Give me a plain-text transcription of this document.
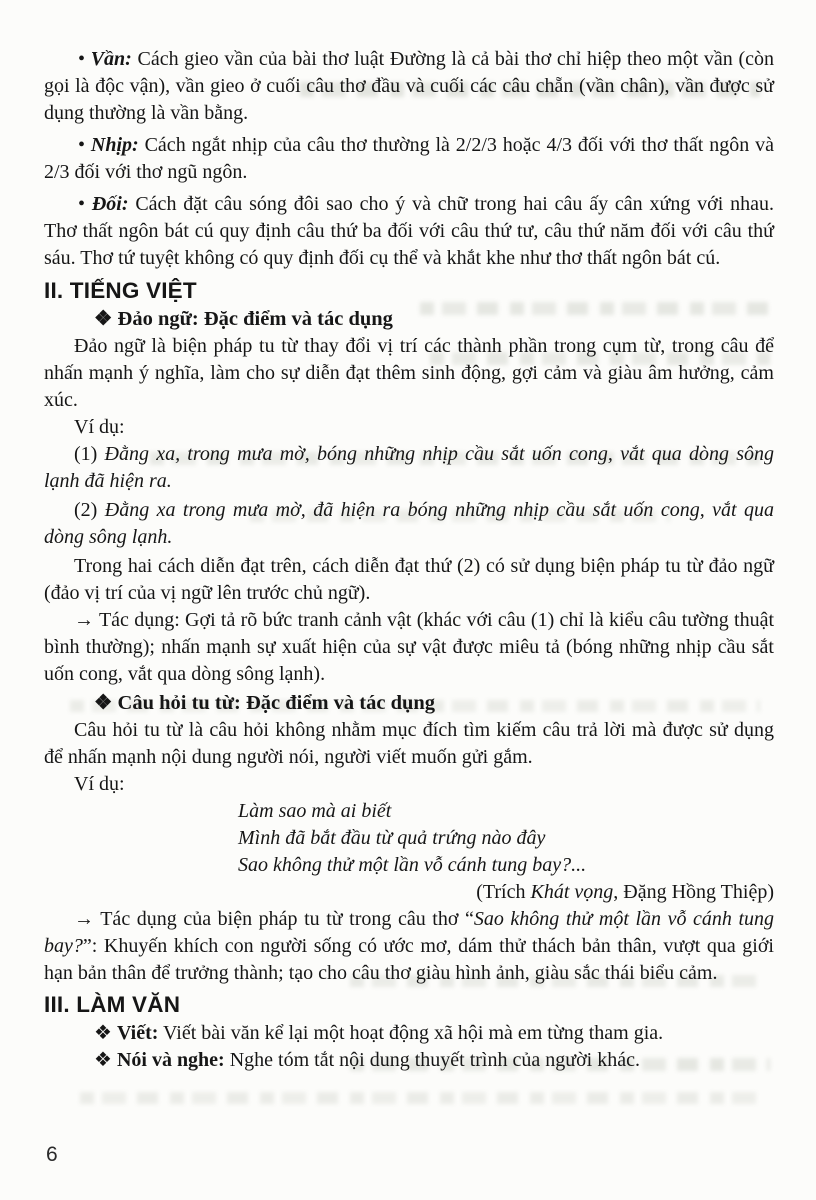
• Vần: Cách gieo vần của bài thơ luật Đường là cả bài thơ chỉ hiệp theo một vần (còn gọi là độc vận), vần gieo ở cuối câu thơ đầu và cuối các câu chẵn (vần chân), vần được sử dụng thường là vần bằng.

• Nhịp: Cách ngắt nhịp của câu thơ thường là 2/2/3 hoặc 4/3 đối với thơ thất ngôn và 2/3 đối với thơ ngũ ngôn.

• Đối: Cách đặt câu sóng đôi sao cho ý và chữ trong hai câu ấy cân xứng với nhau. Thơ thất ngôn bát cú quy định câu thứ ba đối với câu thứ tư, câu thứ năm đối với câu thứ sáu. Thơ tứ tuyệt không có quy định đối cụ thể và khắt khe như thơ thất ngôn bát cú.

II. TIẾNG VIỆT

❖ Đảo ngữ: Đặc điểm và tác dụng

Đảo ngữ là biện pháp tu từ thay đổi vị trí các thành phần trong cụm từ, trong câu để nhấn mạnh ý nghĩa, làm cho sự diễn đạt thêm sinh động, gợi cảm và giàu âm hưởng, cảm xúc.

Ví dụ:

(1) Đằng xa, trong mưa mờ, bóng những nhịp cầu sắt uốn cong, vắt qua dòng sông lạnh đã hiện ra.

(2) Đằng xa trong mưa mờ, đã hiện ra bóng những nhịp cầu sắt uốn cong, vắt qua dòng sông lạnh.

Trong hai cách diễn đạt trên, cách diễn đạt thứ (2) có sử dụng biện pháp tu từ đảo ngữ (đảo vị trí của vị ngữ lên trước chủ ngữ).

→ Tác dụng: Gợi tả rõ bức tranh cảnh vật (khác với câu (1) chỉ là kiểu câu tường thuật bình thường); nhấn mạnh sự xuất hiện của sự vật được miêu tả (bóng những nhịp cầu sắt uốn cong, vắt qua dòng sông lạnh).

❖ Câu hỏi tu từ: Đặc điểm và tác dụng

Câu hỏi tu từ là câu hỏi không nhằm mục đích tìm kiếm câu trả lời mà được sử dụng để nhấn mạnh nội dung người nói, người viết muốn gửi gắm.

Ví dụ:

Làm sao mà ai biết
Mình đã bắt đầu từ quả trứng nào đây
Sao không thử một lần vỗ cánh tung bay?...

(Trích Khát vọng, Đặng Hồng Thiệp)

→ Tác dụng của biện pháp tu từ trong câu thơ “Sao không thử một lần vỗ cánh tung bay?”: Khuyến khích con người sống có ước mơ, dám thử thách bản thân, vượt qua giới hạn bản thân để trưởng thành; tạo cho câu thơ giàu hình ảnh, giàu sắc thái biểu cảm.

III. LÀM VĂN

❖ Viết: Viết bài văn kể lại một hoạt động xã hội mà em từng tham gia.

❖ Nói và nghe: Nghe tóm tắt nội dung thuyết trình của người khác.

6
